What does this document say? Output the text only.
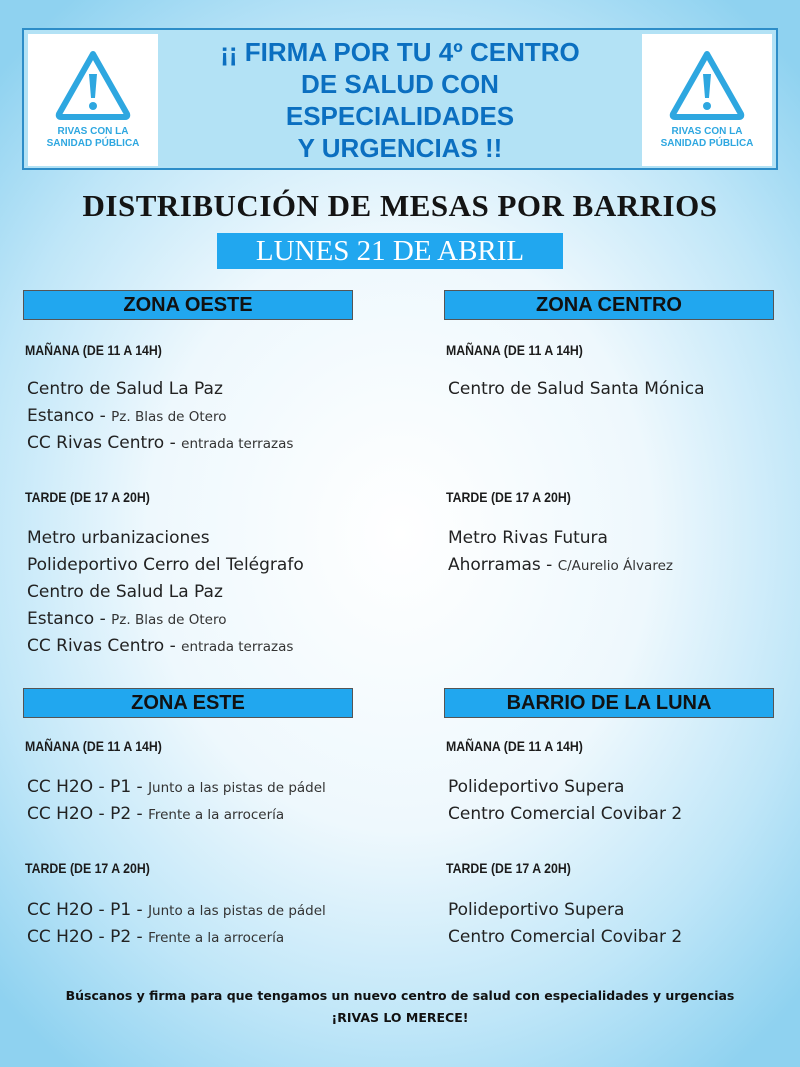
RIVAS CON LA
SANIDAD PÚBLICA
¡¡ FIRMA POR TU 4º CENTRO
DE SALUD CON
ESPECIALIDADES
Y URGENCIAS !!
RIVAS CON LA
SANIDAD PÚBLICA
DISTRIBUCIÓN DE MESAS POR BARRIOS
LUNES 21 DE ABRIL
ZONA OESTE

MAÑANA (DE 11 A 14H)

Centro de Salud La Paz
Estanco - Pz. Blas de Otero
CC Rivas Centro - entrada terrazas

TARDE (DE 17 A 20H)

Metro urbanizaciones
Polideportivo Cerro del Telégrafo
Centro de Salud La Paz
Estanco - Pz. Blas de Otero
CC Rivas Centro - entrada terrazas
ZONA CENTRO

MAÑANA (DE 11 A 14H)

Centro de Salud Santa Mónica

TARDE (DE 17 A 20H)

Metro Rivas Futura
Ahorramas - C/Aurelio Álvarez
ZONA ESTE

MAÑANA (DE 11 A 14H)

CC H2O - P1 - Junto a las pistas de pádel
CC H2O - P2 - Frente a la arrocería

TARDE (DE 17 A 20H)

CC H2O - P1 - Junto a las pistas de pádel
CC H2O - P2 - Frente a la arrocería
BARRIO DE LA LUNA

MAÑANA (DE 11 A 14H)

Polideportivo Supera
Centro Comercial Covibar 2

TARDE (DE 17 A 20H)

Polideportivo Supera
Centro Comercial Covibar 2
Búscanos y firma para que tengamos un nuevo centro de salud con especialidades y urgencias
¡RIVAS LO MERECE!
